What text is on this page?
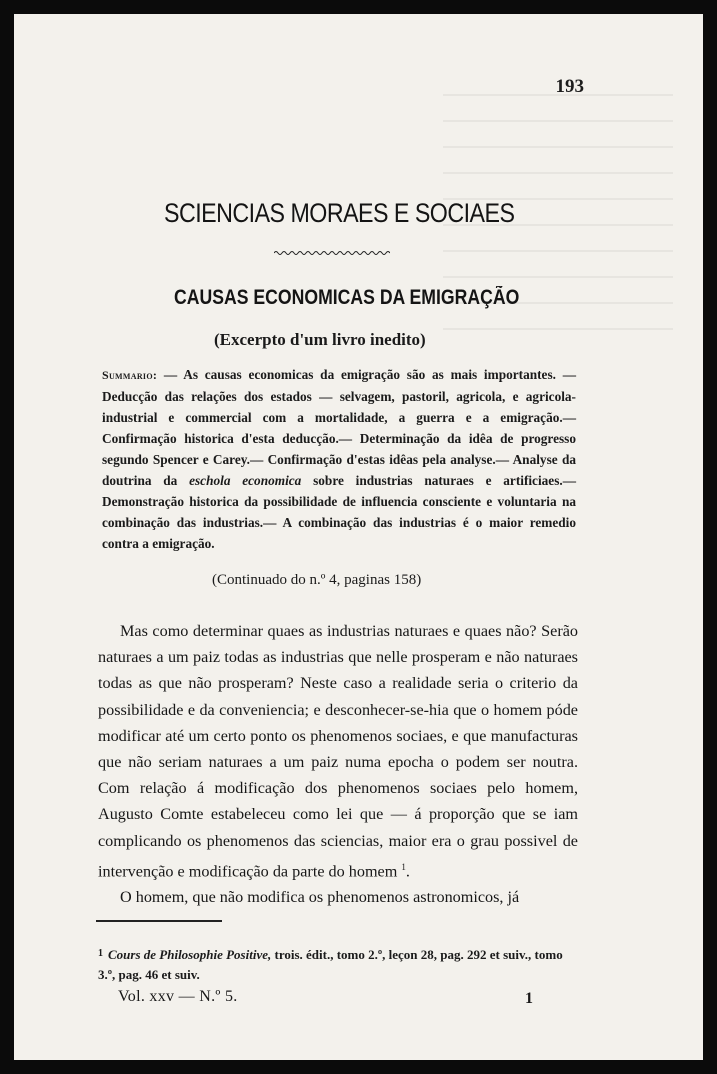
193
SCIENCIAS MORAES E SOCIAES
CAUSAS ECONOMICAS DA EMIGRAÇÃO
(Excerpto d'um livro inedito)
Summario: — As causas economicas da emigração são as mais importantes. — Deducção das relações dos estados — selvagem, pastoril, agricola, e agricola-industrial e commercial com a mortalidade, a guerra e a emigração.— Confirmação historica d'esta deducção.— Determinação da idêa de progresso segundo Spencer e Carey.— Confirmação d'estas idêas pela analyse.— Analyse da doutrina da eschola economica sobre industrias naturaes e artificiaes.— Demonstração historica da possibilidade de influencia consciente e voluntaria na combinação das industrias.— A combinação das industrias é o maior remedio contra a emigração.
(Continuado do n.º 4, paginas 158)

Mas como determinar quaes as industrias naturaes e quaes não? Serão naturaes a um paiz todas as industrias que nelle prosperam e não naturaes todas as que não prosperam? Neste caso a realidade seria o criterio da possibilidade e da conveniencia; e desconhecer-se-hia que o homem póde modificar até um certo ponto os phenomenos sociaes, e que manufacturas que não seriam naturaes a um paiz numa epocha o podem ser noutra. Com relação á modificação dos phenomenos sociaes pelo homem, Augusto Comte estabeleceu como lei que — á proporção que se iam complicando os phenomenos das sciencias, maior era o grau possivel de intervenção e modificação da parte do homem $^1$.

O homem, que não modifica os phenomenos astronomicos, já

$^1$ Cours de Philosophie Positive, trois. édit., tomo 2.º, leçon 28, pag. 292 et suiv., tomo 3.º, pag. 46 et suiv.
Vol. xxv — N.º 5.	1
